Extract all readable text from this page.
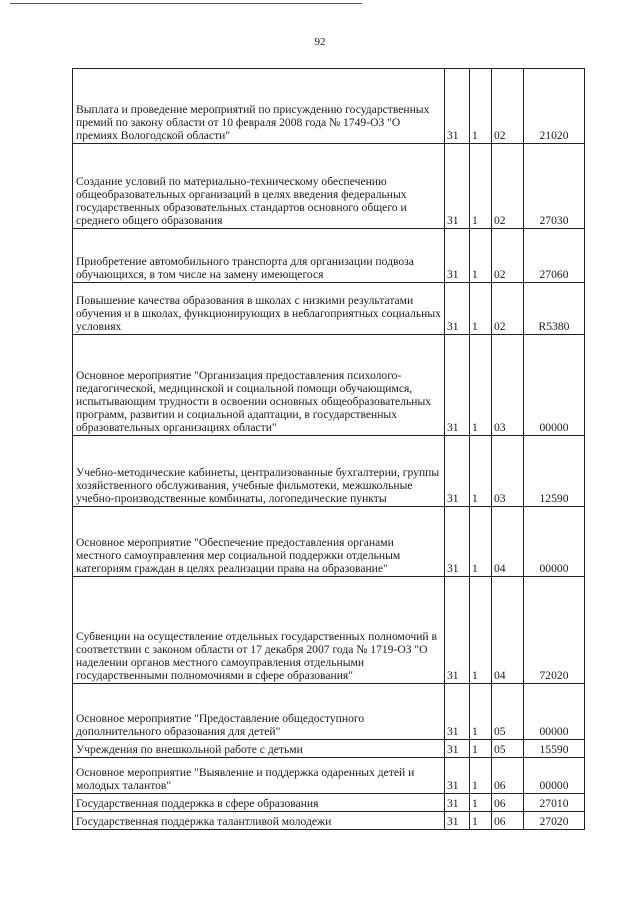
92
Выплата и проведение мероприятий по присуждению государственных премий по закону области от 10 февраля 2008 года № 1749-ОЗ "О премиях Вологодской области"	31	1	02	21020
Создание условий по материально-техническому обеспечению общеобразовательных организаций в целях введения федеральных государственных образовательных стандартов основного общего и среднего общего образования	31	1	02	27030
Приобретение автомобильного транспорта для организации подвоза обучающихся, в том числе на замену имеющегося	31	1	02	27060
Повышение качества образования в школах с низкими результатами обучения и в школах, функционирующих в неблагоприятных социальных условиях	31	1	02	R5380
Основное мероприятие "Организация предоставления психолого-педагогической, медицинской и социальной помощи обучающимся, испытывающим трудности в освоении основных общеобразовательных программ, развитии и социальной адаптации, в государственных образовательных организациях области"	31	1	03	00000
Учебно-методические кабинеты, централизованные бухгалтерии, группы хозяйственного обслуживания, учебные фильмотеки, межшкольные учебно-производственные комбинаты, логопедические пункты	31	1	03	12590
Основное мероприятие "Обеспечение предоставления органами местного самоуправления мер социальной поддержки отдельным категориям граждан в целях реализации права на образование"	31	1	04	00000
Субвенции на осуществление отдельных государственных полномочий в соответствии с законом области от 17 декабря 2007 года № 1719-ОЗ "О наделении органов местного самоуправления отдельными государственными полномочиями в сфере образования"	31	1	04	72020
Основное мероприятие "Предоставление общедоступного дополнительного образования для детей"	31	1	05	00000
Учреждения по внешкольной работе с детьми	31	1	05	15590
Основное мероприятие "Выявление и поддержка одаренных детей и молодых талантов"	31	1	06	00000
Государственная поддержка в сфере образования	31	1	06	27010
Государственная поддержка талантливой молодежи	31	1	06	27020
